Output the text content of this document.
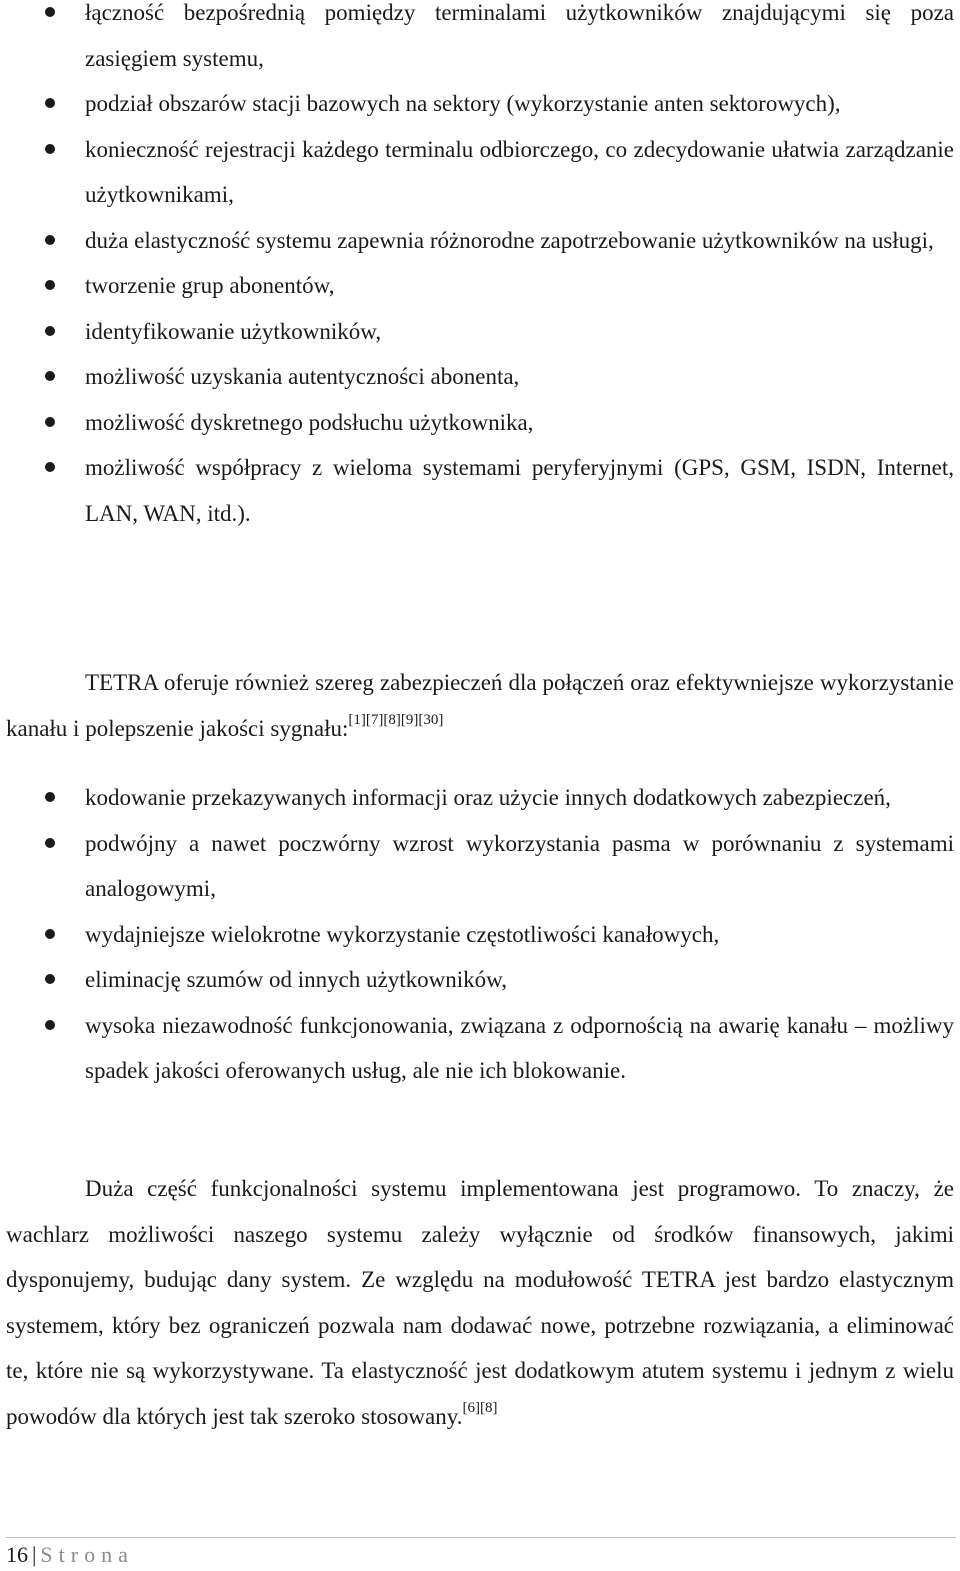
łączność bezpośrednią pomiędzy terminalami użytkowników znajdującymi się poza zasięgiem systemu,
podział obszarów stacji bazowych na sektory (wykorzystanie anten sektorowych),
konieczność rejestracji każdego terminalu odbiorczego, co zdecydowanie ułatwia zarządzanie użytkownikami,
duża elastyczność systemu zapewnia różnorodne zapotrzebowanie użytkowników na usługi,
tworzenie grup abonentów,
identyfikowanie użytkowników,
możliwość uzyskania autentyczności abonenta,
możliwość dyskretnego podsłuchu użytkownika,
możliwość współpracy z wieloma systemami peryferyjnymi (GPS, GSM, ISDN, Internet, LAN, WAN, itd.).

TETRA oferuje również szereg zabezpieczeń dla połączeń oraz efektywniejsze wykorzystanie kanału i polepszenie jakości sygnału:[1][7][8][9][30]

kodowanie przekazywanych informacji oraz użycie innych dodatkowych zabezpieczeń,
podwójny a nawet poczwórny wzrost wykorzystania pasma w porównaniu z systemami analogowymi,
wydajniejsze wielokrotne wykorzystanie częstotliwości kanałowych,
eliminację szumów od innych użytkowników,
wysoka niezawodność funkcjonowania, związana z odpornością na awarię kanału – możliwy spadek jakości oferowanych usług, ale nie ich blokowanie.

Duża część funkcjonalności systemu implementowana jest programowo. To znaczy, że wachlarz możliwości naszego systemu zależy wyłącznie od środków finansowych, jakimi dysponujemy, budując dany system. Ze względu na modułowość TETRA jest bardzo elastycznym systemem, który bez ograniczeń pozwala nam dodawać nowe, potrzebne rozwiązania, a eliminować te, które nie są wykorzystywane. Ta elastyczność jest dodatkowym atutem systemu i jednym z wielu powodów dla których jest tak szeroko stosowany.[6][8]

16 | Strona
